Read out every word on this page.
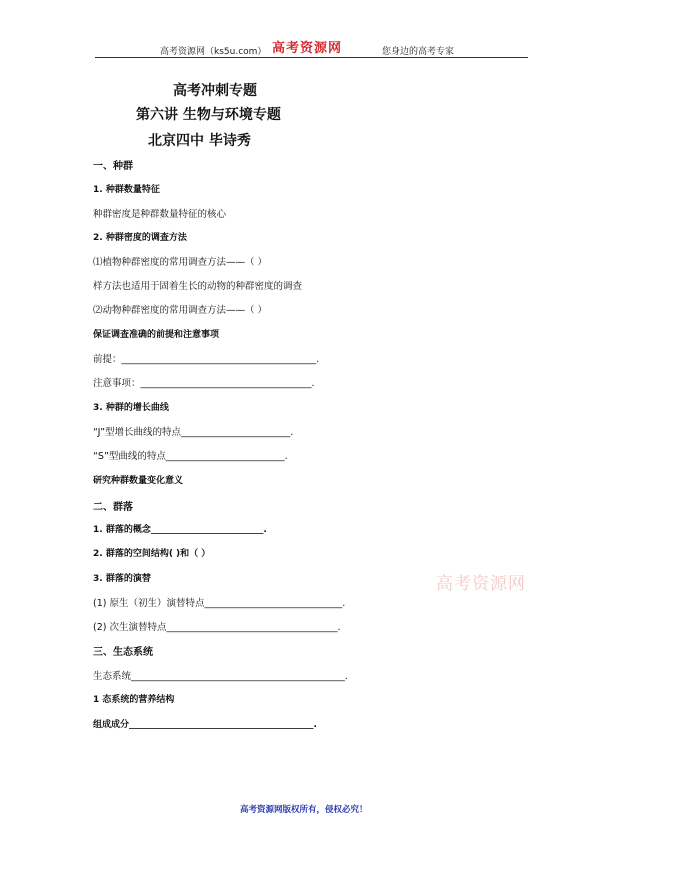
高考资源网（ks5u.com） 高考资源网	您身边的高考专家
高考冲刺专题
第六讲 生物与环境专题
北京四中 毕诗秀
一、种群
1. 种群数量特征
种群密度是种群数量特征的核心
2. 种群密度的调查方法
⑴植物种群密度的常用调查方法——（ ）
样方法也适用于固着生长的动物的种群密度的调查
⑵动物种群密度的常用调查方法——（ ）
保证调查准确的前提和注意事项
前提：_________________________________________.
注意事项：____________________________________.
3. 种群的增长曲线
“J”型增长曲线的特点_______________________.
“S”型曲线的特点_________________________.
研究种群数量变化意义
二、群落
1. 群落的概念_________________________.
2. 群落的空间结构( )和（ ）
3. 群落的演替
(1) 原生（初生）演替特点_____________________________.
(2) 次生演替特点____________________________________.
三、生态系统
生态系统_____________________________________________.
1 态系统的营养结构
组成成分_________________________________________.
高考资源网
高考资源网版权所有，侵权必究！
